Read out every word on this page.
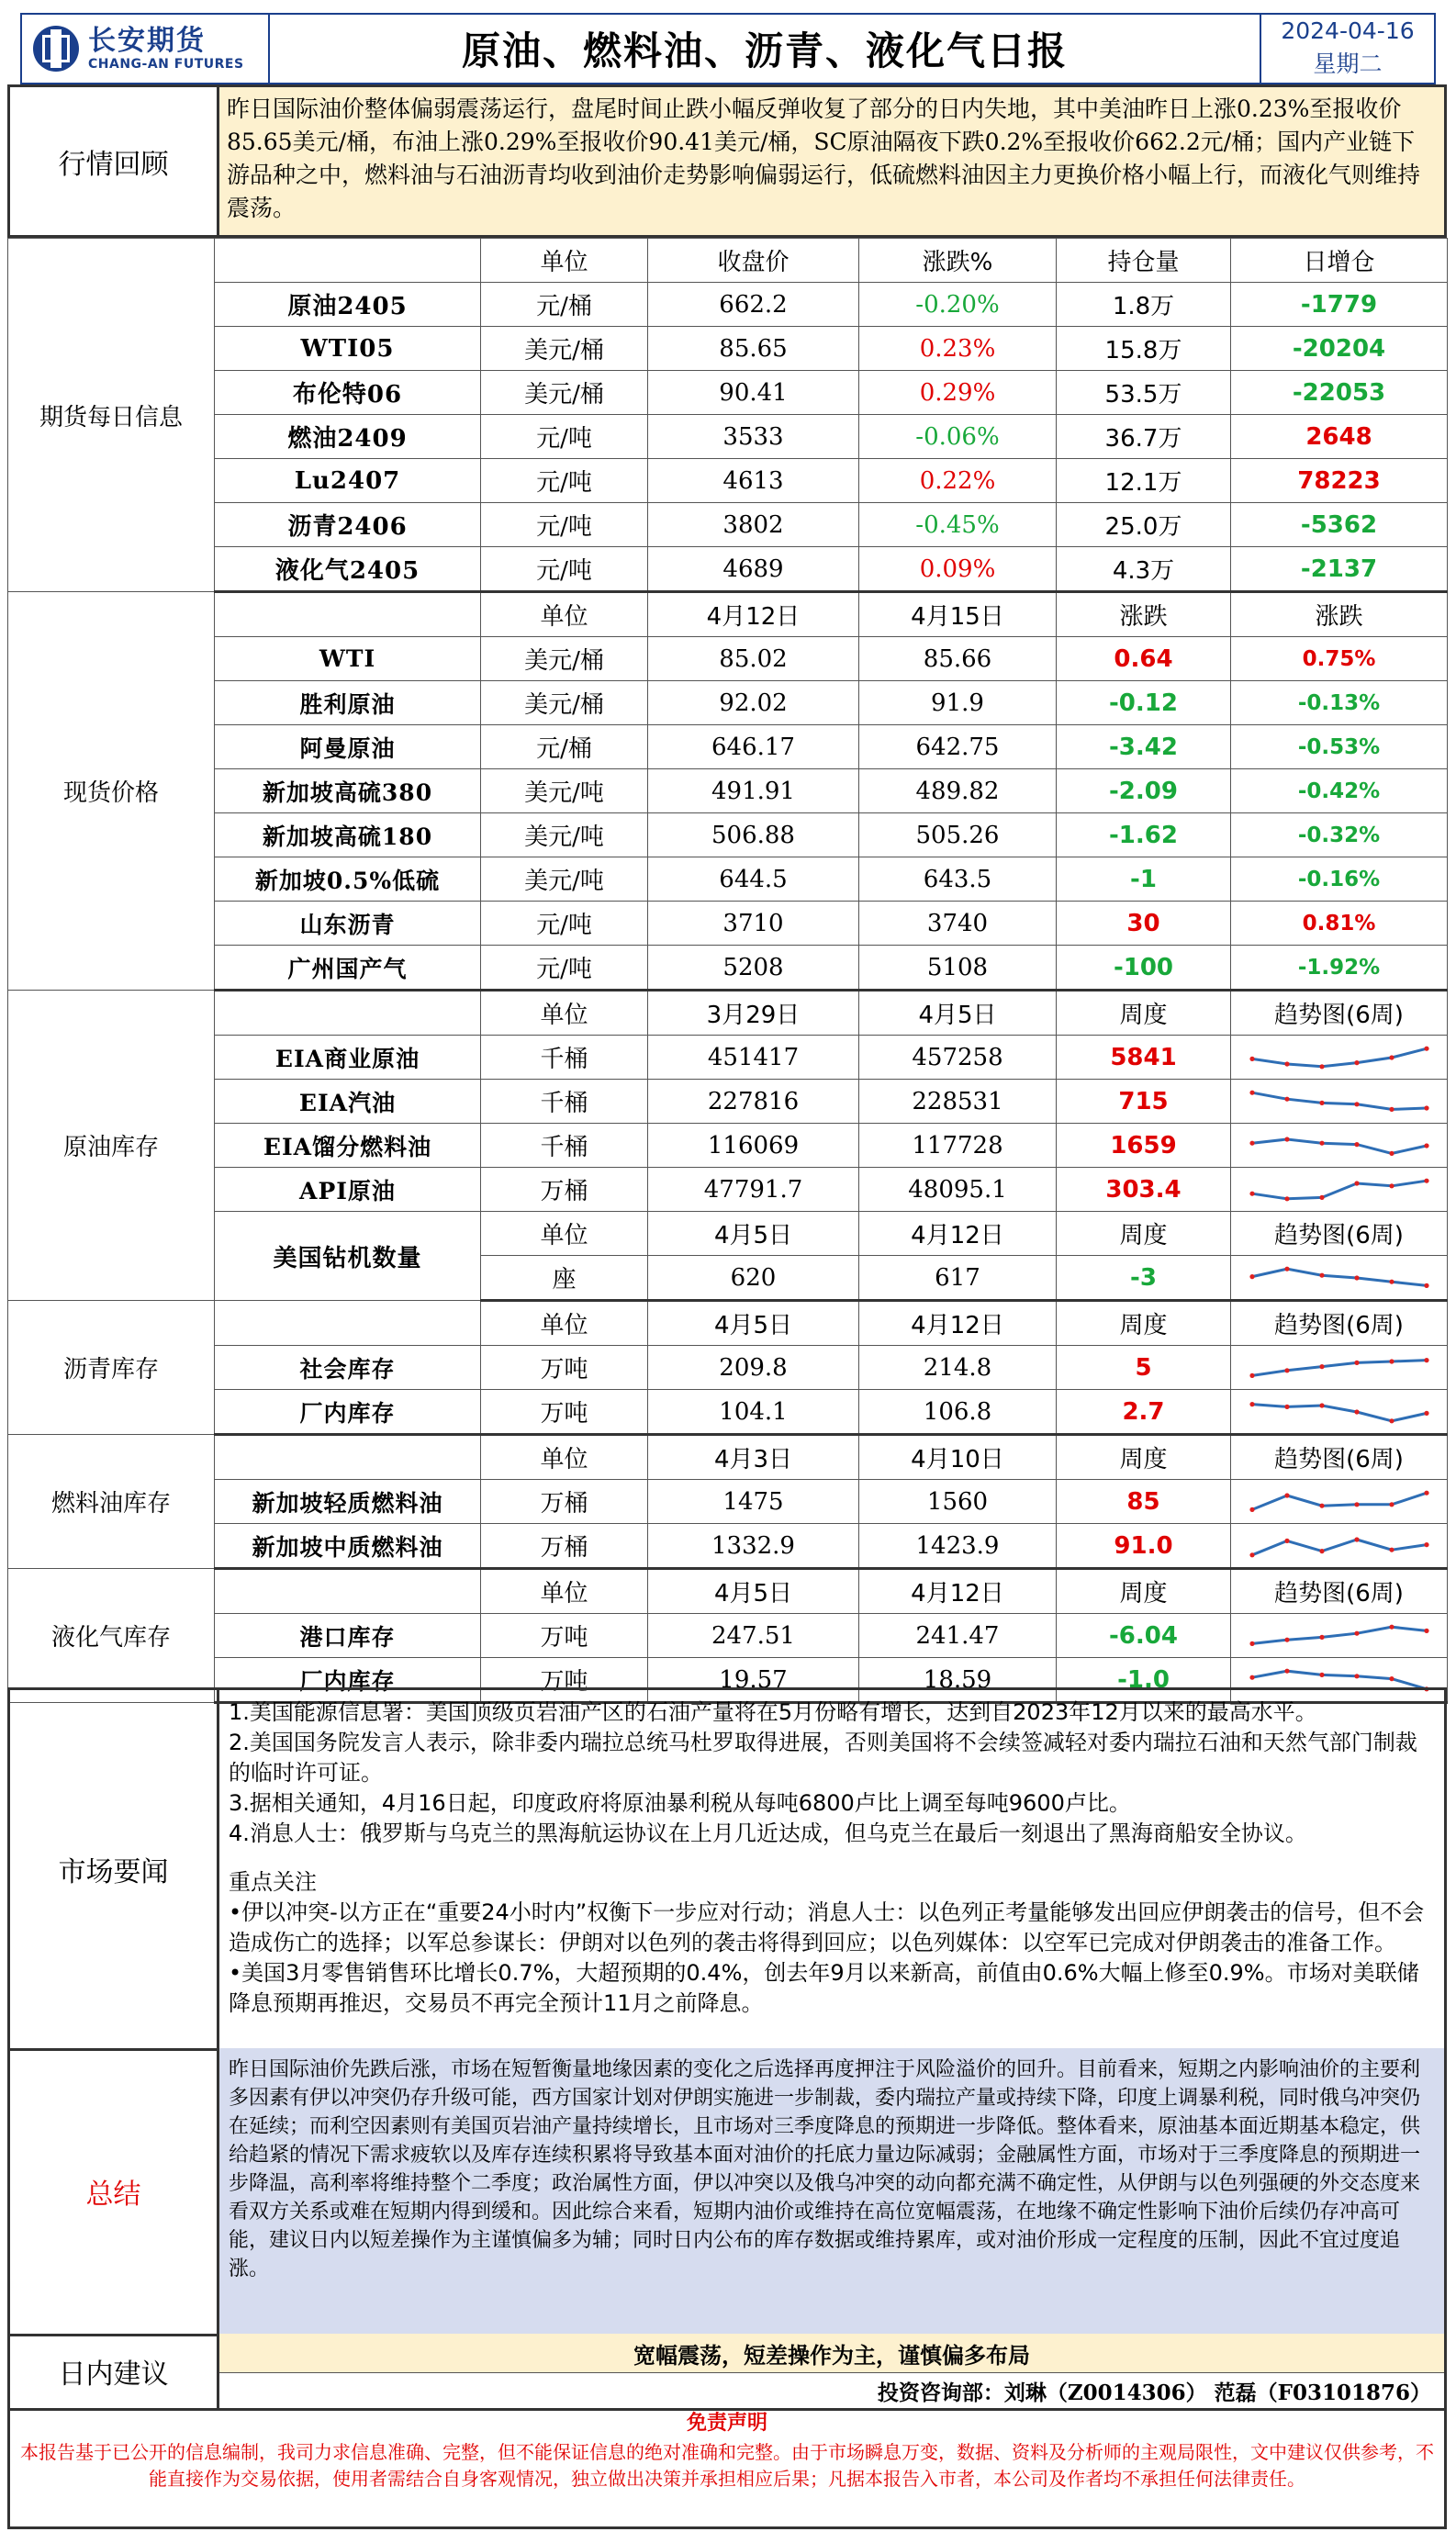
长安期货
CHANG-AN FUTURES	原油、燃料油、沥青、液化气日报	2024-04-16
星期二
行情回顾
昨日国际油价整体偏弱震荡运行，盘尾时间止跌小幅反弹收复了部分的日内失地，其中美油昨日上涨0.23%至报收价85.65美元/桶，布油上涨0.29%至报收价90.41美元/桶，SC原油隔夜下跌0.2%至报收价662.2元/桶；国内产业链下游品种之中，燃料油与石油沥青均收到油价走势影响偏弱运行，低硫燃料油因主力更换价格小幅上行，而液化气则维持震荡。
期货每日信息		单位	收盘价	涨跌%	持仓量	日增仓
	原油2405	元/桶	662.2	-0.20%	1.8万	-1779
	WTI05	美元/桶	85.65	0.23%	15.8万	-20204
	布伦特06	美元/桶	90.41	0.29%	53.5万	-22053
	燃油2409	元/吨	3533	-0.06%	36.7万	2648
	Lu2407	元/吨	4613	0.22%	12.1万	78223
	沥青2406	元/吨	3802	-0.45%	25.0万	-5362
	液化气2405	元/吨	4689	0.09%	4.3万	-2137
现货价格		单位	4月12日	4月15日	涨跌	涨跌
	WTI	美元/桶	85.02	85.66	0.64	0.75%
	胜利原油	美元/桶	92.02	91.9	-0.12	-0.13%
	阿曼原油	元/桶	646.17	642.75	-3.42	-0.53%
	新加坡高硫380	美元/吨	491.91	489.82	-2.09	-0.42%
	新加坡高硫180	美元/吨	506.88	505.26	-1.62	-0.32%
	新加坡0.5%低硫	美元/吨	644.5	643.5	-1	-0.16%
	山东沥青	元/吨	3710	3740	30	0.81%
	广州国产气	元/吨	5208	5108	-100	-1.92%
原油库存		单位	3月29日	4月5日	周度	趋势图(6周)
	EIA商业原油	千桶	451417	457258	5841	

	EIA汽油	千桶	227816	228531	715	

	EIA馏分燃料油	千桶	116069	117728	1659	

	API原油	万桶	47791.7	48095.1	303.4	

	美国钻机数量	单位	4月5日	4月12日	周度	趋势图(6周)
		座	620	617	-3	

沥青库存		单位	4月5日	4月12日	周度	趋势图(6周)
	社会库存	万吨	209.8	214.8	5	

	厂内库存	万吨	104.1	106.8	2.7	

燃料油库存		单位	4月3日	4月10日	周度	趋势图(6周)
	新加坡轻质燃料油	万桶	1475	1560	85	

	新加坡中质燃料油	万桶	1332.9	1423.9	91.0	

液化气库存		单位	4月5日	4月12日	周度	趋势图(6周)
	港口库存	万吨	247.51	241.47	-6.04	

	厂内库存	万吨	19.57	18.59	-1.0	
市场要闻

1.美国能源信息署：美国顶级页岩油产区的石油产量将在5月份略有增长，达到自2023年12月以来的最高水平。

2.美国国务院发言人表示，除非委内瑞拉总统马杜罗取得进展，否则美国将不会续签减轻对委内瑞拉石油和天然气部门制裁的临时许可证。

3.据相关通知，4月16日起，印度政府将原油暴利税从每吨6800卢比上调至每吨9600卢比。

4.消息人士：俄罗斯与乌克兰的黑海航运协议在上月几近达成，但乌克兰在最后一刻退出了黑海商船安全协议。

重点关注

•伊以冲突-以方正在“重要24小时内”权衡下一步应对行动；消息人士：以色列正考量能够发出回应伊朗袭击的信号，但不会造成伤亡的选择；以军总参谋长：伊朗对以色列的袭击将得到回应；以色列媒体：以空军已完成对伊朗袭击的准备工作。

•美国3月零售销售环比增长0.7%，大超预期的0.4%，创去年9月以来新高，前值由0.6%大幅上修至0.9%。市场对美联储降息预期再推迟，交易员不再完全预计11月之前降息。

总结
昨日国际油价先跌后涨，市场在短暂衡量地缘因素的变化之后选择再度押注于风险溢价的回升。目前看来，短期之内影响油价的主要利多因素有伊以冲突仍存升级可能，西方国家计划对伊朗实施进一步制裁，委内瑞拉产量或持续下降，印度上调暴利税，同时俄乌冲突仍在延续；而利空因素则有美国页岩油产量持续增长，且市场对三季度降息的预期进一步降低。整体看来，原油基本面近期基本稳定，供给趋紧的情况下需求疲软以及库存连续积累将导致基本面对油价的托底力量边际减弱；金融属性方面，市场对于三季度降息的预期进一步降温，高利率将维持整个二季度；政治属性方面，伊以冲突以及俄乌冲突的动向都充满不确定性，从伊朗与以色列强硬的外交态度来看双方关系或难在短期内得到缓和。因此综合来看，短期内油价或维持在高位宽幅震荡，在地缘不确定性影响下油价后续仍存冲高可能，建议日内以短差操作为主谨慎偏多为辅；同时日内公布的库存数据或维持累库，或对油价形成一定程度的压制，因此不宜过度追涨。
日内建议
宽幅震荡，短差操作为主，谨慎偏多布局
投资咨询部：刘琳（Z0014306） 范磊（F03101876）
免责声明
本报告基于已公开的信息编制，我司力求信息准确、完整，但不能保证信息的绝对准确和完整。由于市场瞬息万变，数据、资料及分析师的主观局限性，文中建议仅供参考，不能直接作为交易依据，使用者需结合自身客观情况，独立做出决策并承担相应后果；凡据本报告入市者，本公司及作者均不承担任何法律责任。
